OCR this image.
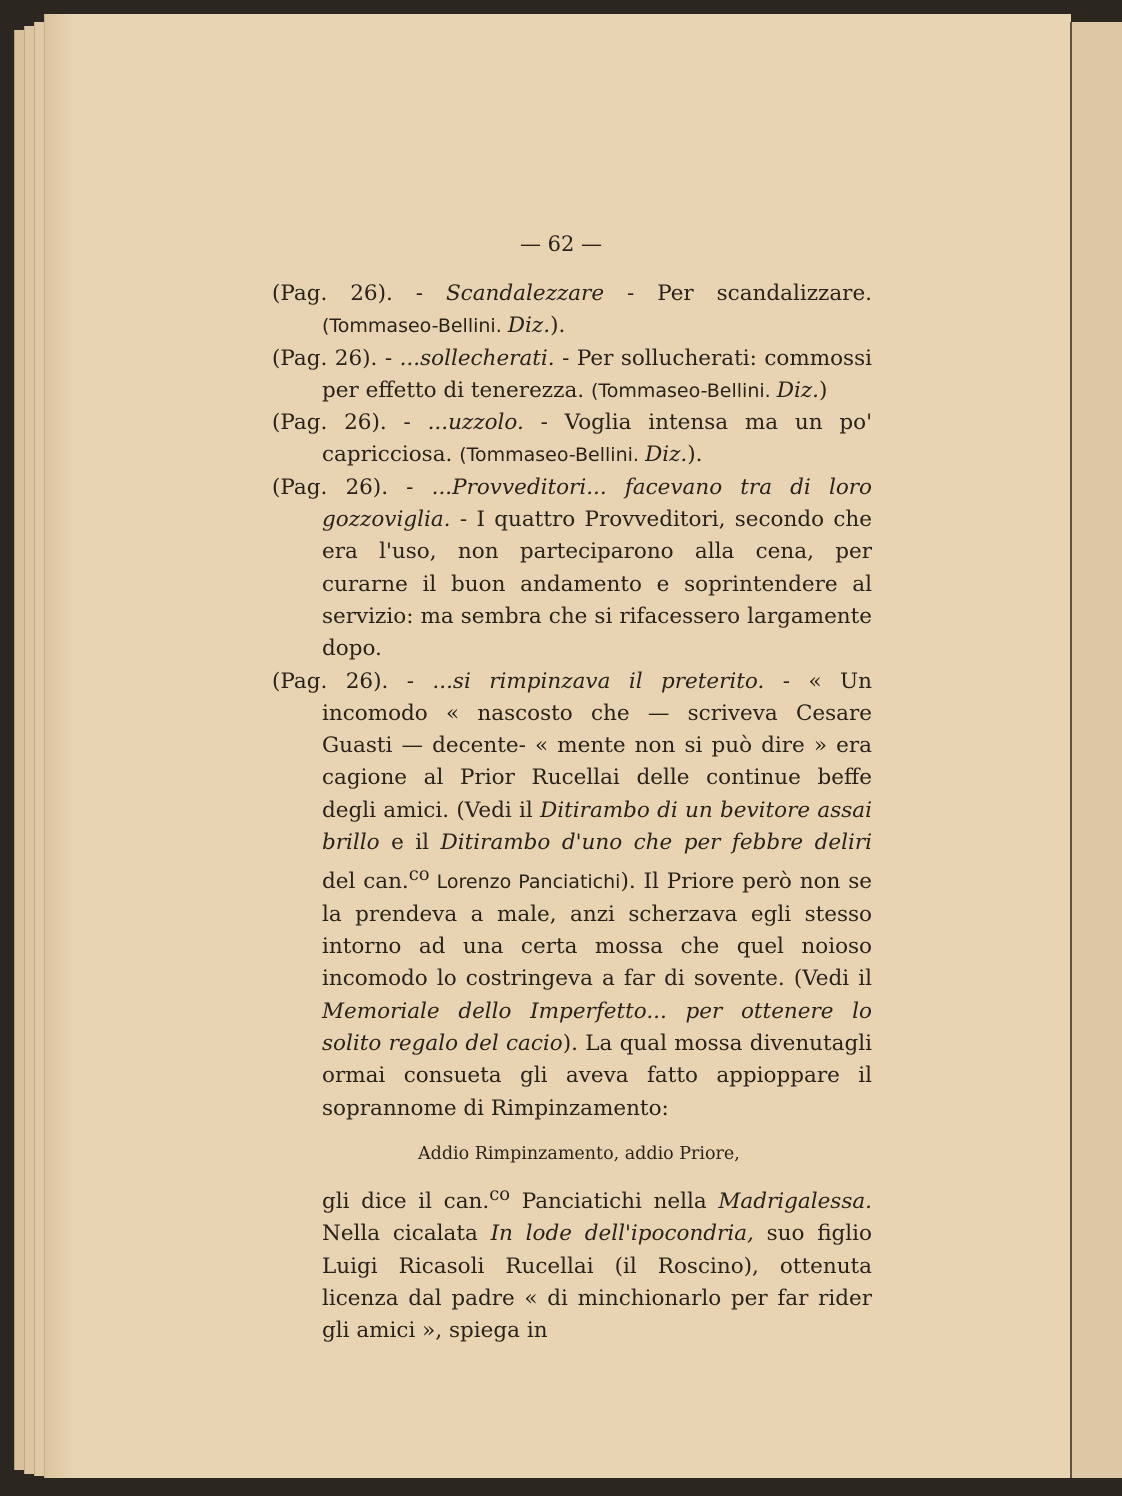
— 62 —

(Pag. 26). - Scandalezzare - Per scandalizzare. (Tommaseo-Bellini. Diz.).

(Pag. 26). - ...sollecherati. - Per sollucherati: commossi per effetto di tenerezza. (Tommaseo-Bellini. Diz.)

(Pag. 26). - ...uzzolo. - Voglia intensa ma un po' capricciosa. (Tommaseo-Bellini. Diz.).

(Pag. 26). - ...Provveditori... facevano tra di loro gozzoviglia. - I quattro Provveditori, secondo che era l'uso, non parteciparono alla cena, per curarne il buon andamento e soprintendere al servizio: ma sembra che si rifacessero largamente dopo.

(Pag. 26). - ...si rimpinzava il preterito. - « Un incomodo « nascosto che — scriveva Cesare Guasti — decente- « mente non si può dire » era cagione al Prior Rucellai delle continue beffe degli amici. (Vedi il Ditirambo di un bevitore assai brillo e il Ditirambo d'uno che per febbre deliri del can.$^{co}$ Lorenzo Panciatichi). Il Priore però non se la prendeva a male, anzi scherzava egli stesso intorno ad una certa mossa che quel noioso incomodo lo costringeva a far di sovente. (Vedi il Memoriale dello Imperfetto... per ottenere lo solito regalo del cacio). La qual mossa divenutagli ormai consueta gli aveva fatto appioppare il soprannome di Rimpinzamento:

Addio Rimpinzamento, addio Priore,

gli dice il can.$^{co}$ Panciatichi nella Madrigalessa. Nella cicalata In lode dell'ipocondria, suo figlio Luigi Ricasoli Rucellai (il Roscino), ottenuta licenza dal padre « di minchionarlo per far rider gli amici », spiega in
